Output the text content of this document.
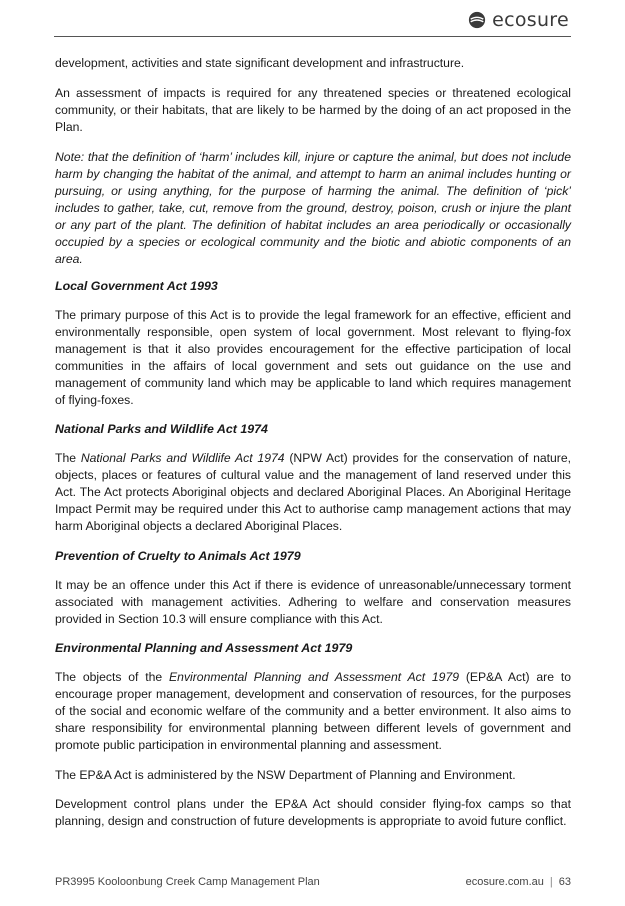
ecosure

development, activities and state significant development and infrastructure.

An assessment of impacts is required for any threatened species or threatened ecological community, or their habitats, that are likely to be harmed by the doing of an act proposed in the Plan.

Note: that the definition of ‘harm’ includes kill, injure or capture the animal, but does not include harm by changing the habitat of the animal, and attempt to harm an animal includes hunting or pursuing, or using anything, for the purpose of harming the animal. The definition of ‘pick’ includes to gather, take, cut, remove from the ground, destroy, poison, crush or injure the plant or any part of the plant. The definition of habitat includes an area periodically or occasionally occupied by a species or ecological community and the biotic and abiotic components of an area.

Local Government Act 1993

The primary purpose of this Act is to provide the legal framework for an effective, efficient and environmentally responsible, open system of local government. Most relevant to flying-fox management is that it also provides encouragement for the effective participation of local communities in the affairs of local government and sets out guidance on the use and management of community land which may be applicable to land which requires management of flying-foxes.

National Parks and Wildlife Act 1974

The National Parks and Wildlife Act 1974 (NPW Act) provides for the conservation of nature, objects, places or features of cultural value and the management of land reserved under this Act. The Act protects Aboriginal objects and declared Aboriginal Places. An Aboriginal Heritage Impact Permit may be required under this Act to authorise camp management actions that may harm Aboriginal objects a declared Aboriginal Places.

Prevention of Cruelty to Animals Act 1979

It may be an offence under this Act if there is evidence of unreasonable/unnecessary torment associated with management activities. Adhering to welfare and conservation measures provided in Section 10.3 will ensure compliance with this Act.

Environmental Planning and Assessment Act 1979

The objects of the Environmental Planning and Assessment Act 1979 (EP&A Act) are to encourage proper management, development and conservation of resources, for the purposes of the social and economic welfare of the community and a better environment. It also aims to share responsibility for environmental planning between different levels of government and promote public participation in environmental planning and assessment.

The EP&A Act is administered by the NSW Department of Planning and Environment.

Development control plans under the EP&A Act should consider flying-fox camps so that planning, design and construction of future developments is appropriate to avoid future conflict.

PR3995 Kooloonbung Creek Camp Management Plan	ecosure.com.au | 63
